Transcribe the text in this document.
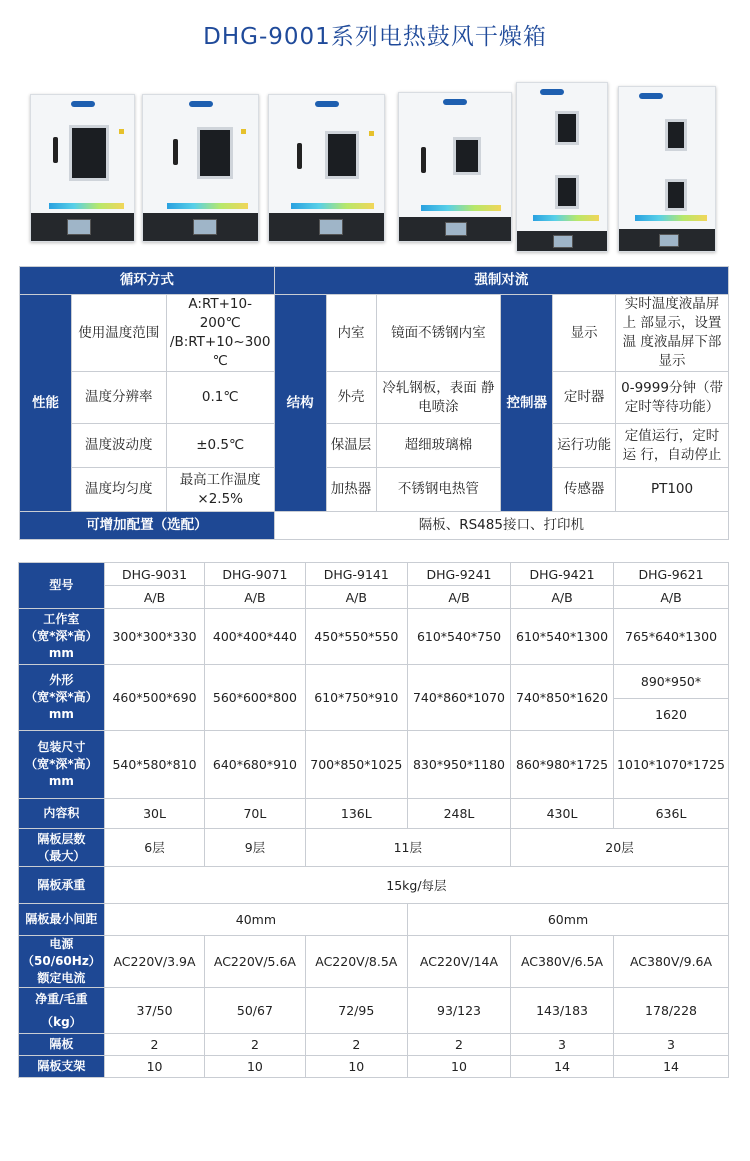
DHG-9001系列电热鼓风干燥箱
循环方式			强制对流					
性能	使用温度范围	A:RT+10-200℃ /B:RT+10~300 ℃	结构	内室	镜面不锈钢内室	控制器	显示	实时温度液晶屏上 部显示，设置 温 度液晶屏下部显示
	温度分辨率	0.1℃		外壳	冷轧钢板，表面 静电喷涂		定时器	0-9999分钟（带 定时等待功能）
	温度波动度	±0.5℃		保温层	超细玻璃棉		运行功能	定值运行，定时运 行，自动停止
	温度均匀度	最高工作温度 ×2.5%		加热器	不锈钢电热管		传感器	PT100
可增加配置（选配）			隔板、RS485接口、打印机					
型号	DHG-9031	DHG-9071	DHG-9141	DHG-9241	DHG-9421	DHG-9621
	A/B	A/B	A/B	A/B	A/B	A/B

工作室
（宽*深*高）
mm	300*300*330	400*400*440	450*550*550	610*540*750	610*540*1300	765*640*1300

外形
（宽*深*高）
mm	460*500*690	560*600*800	610*750*910	740*860*1070	740*850*1620	890*950*
						1620

包装尺寸
（宽*深*高）
mm	540*580*810	640*680*910	700*850*1025	830*950*1180	860*980*1725	1010*1070*1725
内容积	30L	70L	136L	248L	430L	636L

隔板层数
（最大）	6层	9层	11层		20层	
隔板承重	15kg/每层					
隔板最小间距	40mm			60mm		

电源
（50/60Hz）
额定电流	AC220V/3.9A	AC220V/5.6A	AC220V/8.5A	AC220V/14A	AC380V/6.5A	AC380V/9.6A

净重/毛重
（kg）	37/50	50/67	72/95	93/123	143/183	178/228
隔板	2	2	2	2	3	3
隔板支架	10	10	10	10	14	14
